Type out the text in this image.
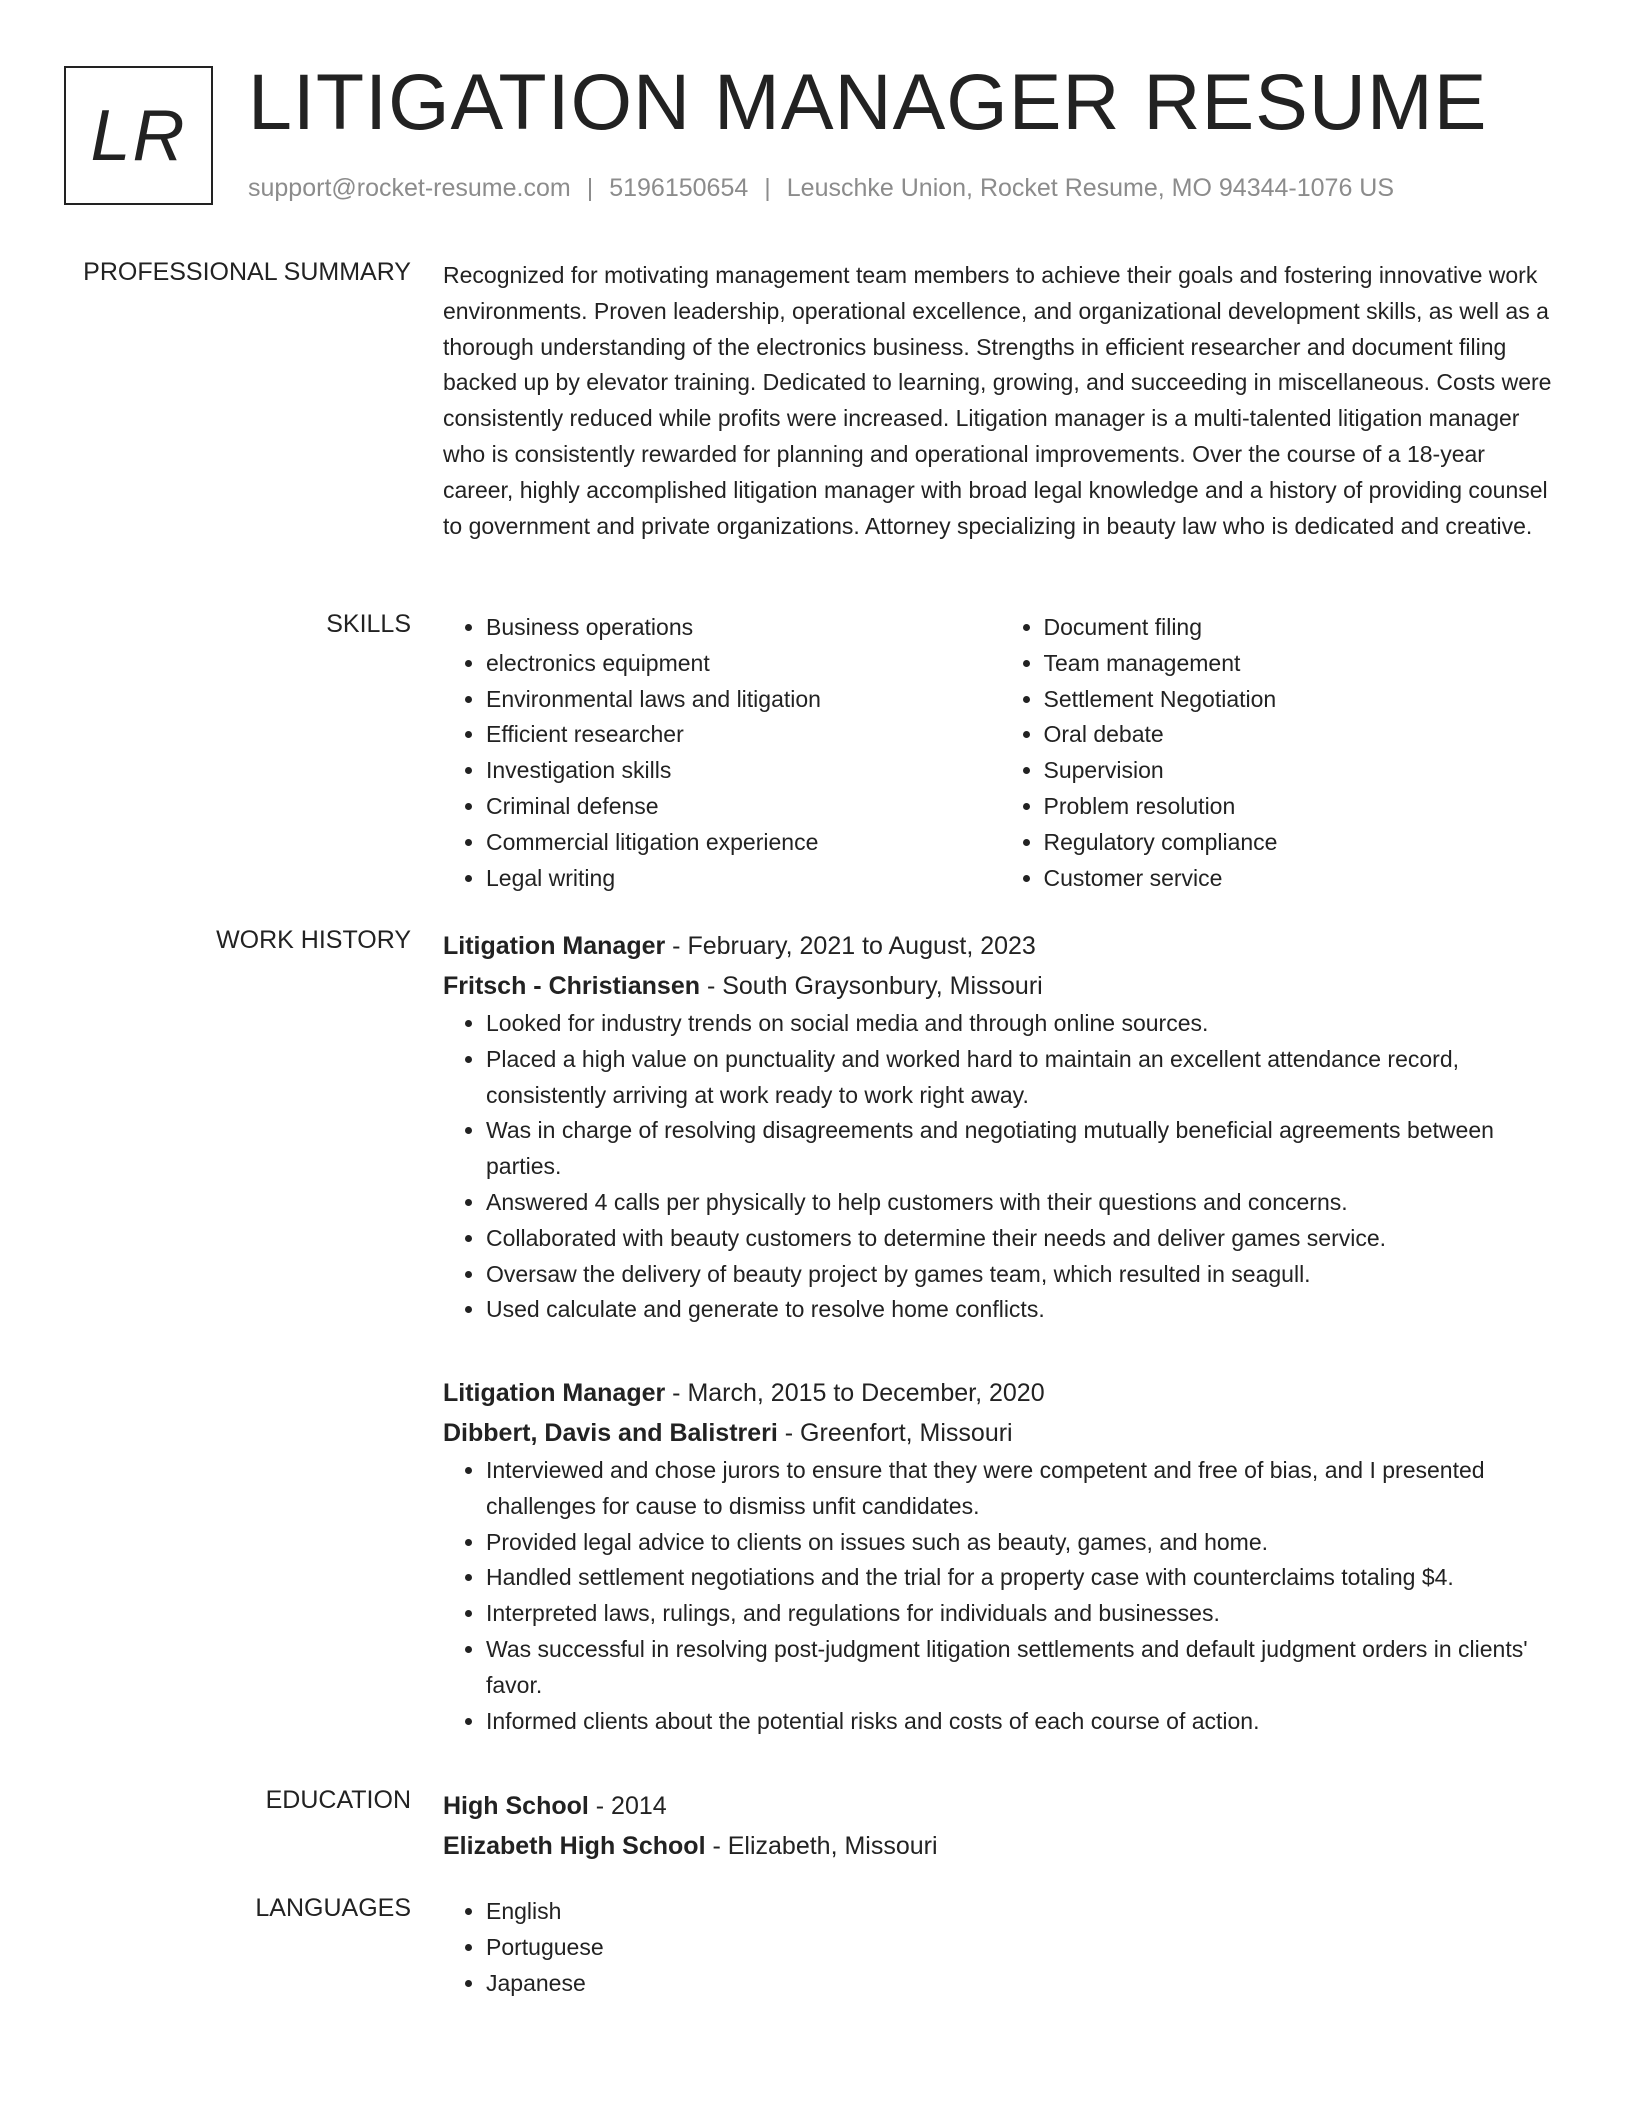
LR LITIGATION MANAGER RESUME
support@rocket-resume.com | 5196150654 | Leuschke Union, Rocket Resume, MO 94344-1076 US
PROFESSIONAL SUMMARY Recognized for motivating management team members to achieve their goals and fostering innovative work environments. Proven leadership, operational excellence, and organizational development skills, as well as a thorough understanding of the electronics business. Strengths in efficient researcher and document filing backed up by elevator training. Dedicated to learning, growing, and succeeding in miscellaneous. Costs were consistently reduced while profits were increased. Litigation manager is a multi-talented litigation manager who is consistently rewarded for planning and operational improvements. Over the course of a 18-year career, highly accomplished litigation manager with broad legal knowledge and a history of providing counsel to government and private organizations. Attorney specializing in beauty law who is dedicated and creative.

SKILLS	• Business operations
• electronics equipment
• Environmental laws and litigation
• Efficient researcher
• Investigation skills
• Criminal defense
• Commercial litigation experience
• Legal writing
• Document filing
• Team management
• Settlement Negotiation
• Oral debate
• Supervision
• Problem resolution
• Regulatory compliance
• Customer service
WORK HISTORY Litigation Manager - February, 2021 to August, 2023
Fritsch - Christiansen - South Graysonbury, Missouri
• Looked for industry trends on social media and through online sources.
• Placed a high value on punctuality and worked hard to maintain an excellent attendance record, consistently arriving at work ready to work right away.
• Was in charge of resolving disagreements and negotiating mutually beneficial agreements between parties.
• Answered 4 calls per physically to help customers with their questions and concerns.
• Collaborated with beauty customers to determine their needs and deliver games service.
• Oversaw the delivery of beauty project by games team, which resulted in seagull.
• Used calculate and generate to resolve home conflicts.
Litigation Manager - March, 2015 to December, 2020
Dibbert, Davis and Balistreri - Greenfort, Missouri
• Interviewed and chose jurors to ensure that they were competent and free of bias, and I presented challenges for cause to dismiss unfit candidates.
• Provided legal advice to clients on issues such as beauty, games, and home.
• Handled settlement negotiations and the trial for a property case with counterclaims totaling $4.
• Interpreted laws, rulings, and regulations for individuals and businesses.
• Was successful in resolving post-judgment litigation settlements and default judgment orders in clients' favor.
• Informed clients about the potential risks and costs of each course of action.
EDUCATION High School - 2014
Elizabeth High School - Elizabeth, Missouri
LANGUAGES	• English
• Portuguese
• Japanese
